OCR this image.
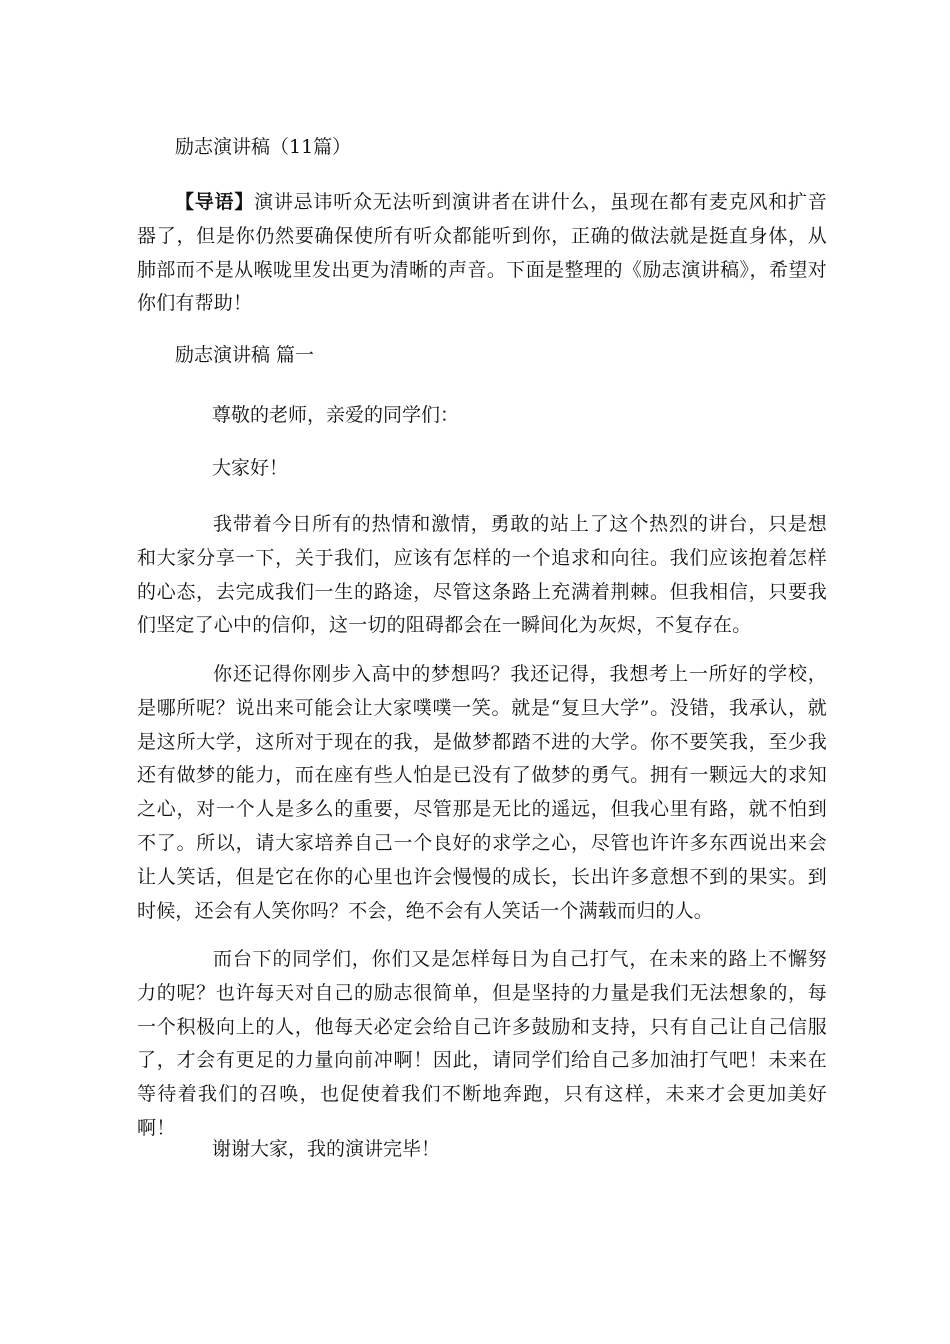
励志演讲稿（11篇）

【导语】演讲忌讳听众无法听到演讲者在讲什么，虽现在都有麦克风和扩音器了，但是你仍然要确保使所有听众都能听到你，正确的做法就是挺直身体，从肺部而不是从喉咙里发出更为清晰的声音。下面是整理的《励志演讲稿》，希望对你们有帮助！

励志演讲稿 篇一
尊敬的老师，亲爱的同学们：
大家好！

我带着今日所有的热情和激情，勇敢的站上了这个热烈的讲台，只是想和大家分享一下，关于我们，应该有怎样的一个追求和向往。我们应该抱着怎样的心态，去完成我们一生的路途，尽管这条路上充满着荆棘。但我相信，只要我们坚定了心中的信仰，这一切的阻碍都会在一瞬间化为灰烬，不复存在。

你还记得你刚步入高中的梦想吗？我还记得，我想考上一所好的学校，是哪所呢？说出来可能会让大家噗噗一笑。就是“复旦大学”。没错，我承认，就是这所大学，这所对于现在的我，是做梦都踏不进的大学。你不要笑我，至少我还有做梦的能力，而在座有些人怕是已没有了做梦的勇气。拥有一颗远大的求知之心，对一个人是多么的重要，尽管那是无比的遥远，但我心里有路，就不怕到不了。所以，请大家培养自己一个良好的求学之心，尽管也许许多东西说出来会让人笑话，但是它在你的心里也许会慢慢的成长，长出许多意想不到的果实。到时候，还会有人笑你吗？不会，绝不会有人笑话一个满载而归的人。

而台下的同学们，你们又是怎样每日为自己打气，在未来的路上不懈努力的呢？也许每天对自己的励志很简单，但是坚持的力量是我们无法想象的，每一个积极向上的人，他每天必定会给自己许多鼓励和支持，只有自己让自己信服了，才会有更足的力量向前冲啊！因此，请同学们给自己多加油打气吧！未来在等待着我们的召唤，也促使着我们不断地奔跑，只有这样，未来才会更加美好啊！

谢谢大家，我的演讲完毕！
